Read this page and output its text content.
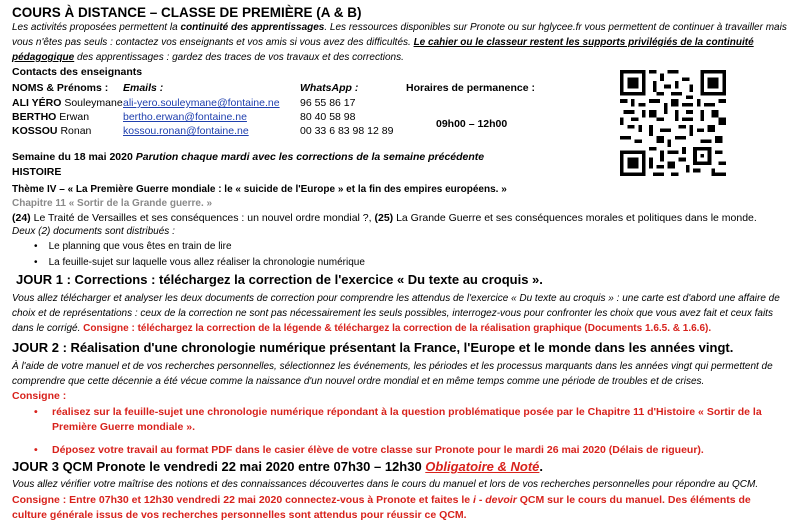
COURS À DISTANCE – CLASSE DE PREMIÈRE (A & B)
Les activités proposées permettent la continuité des apprentissages. Les ressources disponibles sur Pronote ou sur hglycee.fr vous permettent de continuer à travailler mais
vous n'êtes pas seuls : contactez vos enseignants et vos amis si vous avez des difficultés. Le cahier ou le classeur restent les supports privilégiés de la continuité
pédagogique des apprentissages : gardez des traces de vos travaux et des corrections.
Contacts des enseignants
NOMS & Prénoms : Emails :	WhatsApp :	Horaires de permanence :
ALI YÉRO Souleymane ali-yero.souleymane@fontaine.ne 96 55 86 17
BERTHO Erwan	bertho.erwan@fontaine.ne	80 40 58 98
KOSSOU Ronan	kossou.ronan@fontaine.ne	00 33 6 83 98 12 89
09h00 – 12h00
Semaine du 18 mai 2020 Parution chaque mardi avec les corrections de la semaine précédente
HISTOIRE
Thème IV – « La Première Guerre mondiale : le « suicide de l'Europe » et la fin des empires européens. »
Chapitre 11 « Sortir de la Grande guerre. »
(24) Le Traité de Versailles et ses conséquences : un nouvel ordre mondial ?, (25) La Grande Guerre et ses conséquences morales et politiques dans le monde.
Deux (2) documents sont distribués :
•    Le planning que vous êtes en train de lire
•    La feuille-sujet sur laquelle vous allez réaliser la chronologie numérique
JOUR 1 : Corrections : téléchargez la correction de l'exercice « Du texte au croquis ».
Vous allez télécharger et analyser les deux documents de correction pour comprendre les attendus de l'exercice « Du texte au croquis » : une carte est d'abord une affaire de choix et de représentations : ceux de la correction ne sont pas nécessairement les seuls possibles, interrogez-vous pour confronter les choix que vous avez fait et ceux faits dans le corrigé. Consigne : téléchargez la correction de la légende & téléchargez la correction de la réalisation graphique (Documents 1.6.5. & 1.6.6).
JOUR 2 : Réalisation d'une chronologie numérique présentant la France, l'Europe et le monde dans les années vingt.
À l'aide de votre manuel et de vos recherches personnelles, sélectionnez les événements, les périodes et les processus marquants dans les années vingt qui permettent de comprendre que cette décennie a été vécue comme la naissance d'un nouvel ordre mondial et en même temps comme une période de troubles et de crises.
Consigne :
• réalisez sur la feuille-sujet une chronologie numérique répondant à la question problématique posée par le Chapitre 11 d'Histoire « Sortir de la Première Guerre mondiale ».
• Déposez votre travail au format PDF dans le casier élève de votre classe sur Pronote pour le mardi 26 mai 2020 (Délais de rigueur).
JOUR 3 QCM Pronote le vendredi 22 mai 2020 entre 07h30 – 12h30 Obligatoire & Noté.
Vous allez vérifier votre maîtrise des notions et des connaissances découvertes dans le cours du manuel et lors de vos recherches personnelles pour répondre au QCM.
Consigne : Entre 07h30 et 12h30 vendredi 22 mai 2020 connectez-vous à Pronote et faites le i - devoir QCM sur le cours du manuel. Des éléments de culture générale issus de vos recherches personnelles sont attendus pour réussir ce QCM.
